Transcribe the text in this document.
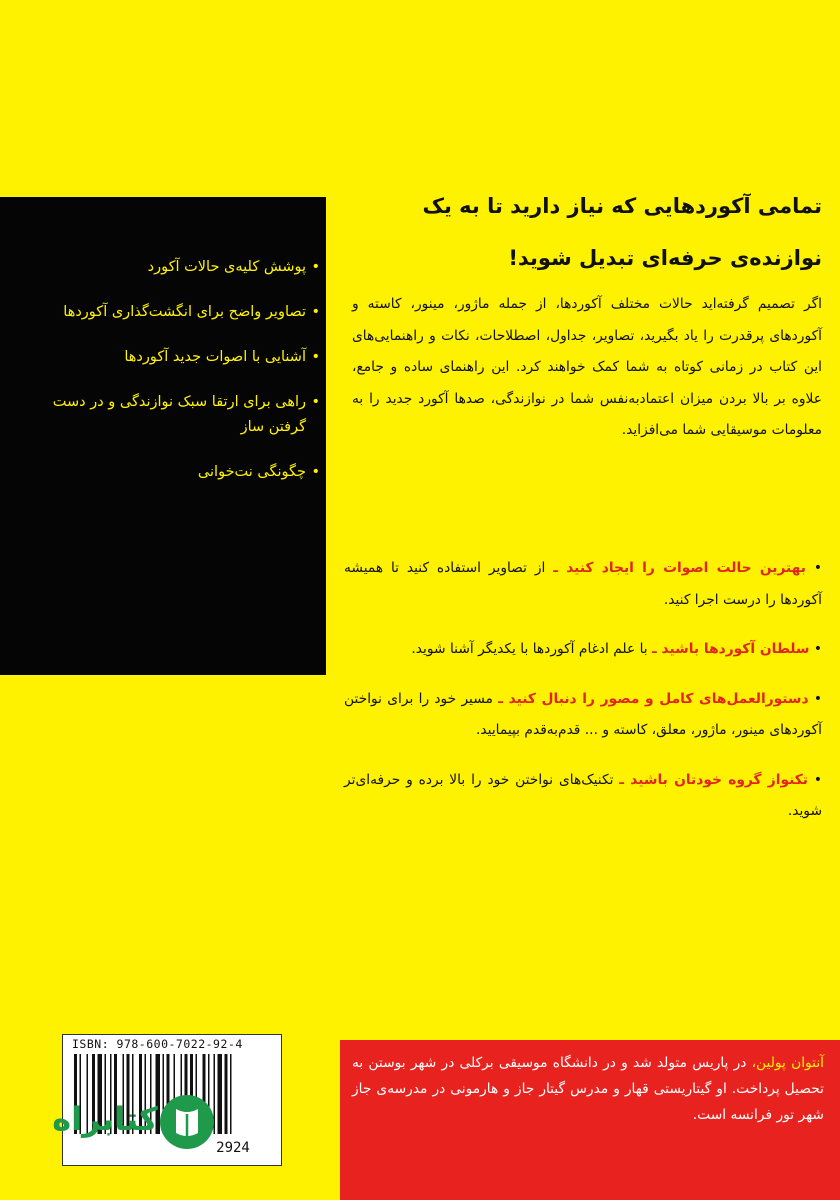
• پوشش کلیه‌ی حالات آکورد
• تصاویر واضح برای انگشت‌گذاری آکوردها
• آشنایی با اصوات جدید آکوردها
• راهی برای ارتقا سبک نوازندگی و در دست گرفتن ساز
• چگونگی نت‌خوانی
تمامی آکوردهایی که نیاز دارید تا به یک نوازنده‌ی حرفه‌ای تبدیل شوید!

اگر تصمیم گرفته‌اید حالات مختلف آکوردها، از جمله ماژور، مینور، کاسته و آکوردهای پرقدرت را یاد بگیرید، تصاویر، جداول، اصطلاحات، نکات و راهنمایی‌های این کتاب در زمانی کوتاه به شما کمک خواهند کرد. این راهنمای ساده و جامع، علاوه بر بالا بردن میزان اعتمادبه‌نفس شما در نوازندگی، صدها آکورد جدید را به معلومات موسیقایی شما می‌افزاید.

• بهترین حالت اصوات را ایجاد کنید ـ از تصاویر استفاده کنید تا همیشه آکوردها را درست اجرا کنید.

• سلطان آکوردها باشید ـ با علم ادغام آکوردها با یکدیگر آشنا شوید.

• دستورالعمل‌های کامل و مصور را دنبال کنید ـ مسیر خود را برای نواختن آکوردهای مینور، ماژور، معلق، کاسته و ... قدم‌به‌قدم بپیمایید.

• تکنواز گروه خودتان باشید ـ تکنیک‌های نواختن خود را بالا برده و حرفه‌ای‌تر شوید.

آنتوان پولین، در پاریس متولد شد و در دانشگاه موسیقی برکلی در شهر بوستن به تحصیل پرداخت. او گیتاریستی قهار و مدرس گیتار جاز و هارمونی در مدرسه‌ی جاز شهر تور فرانسه است.

ISBN: 978-600-7022-92-4
2924
کتابراه
